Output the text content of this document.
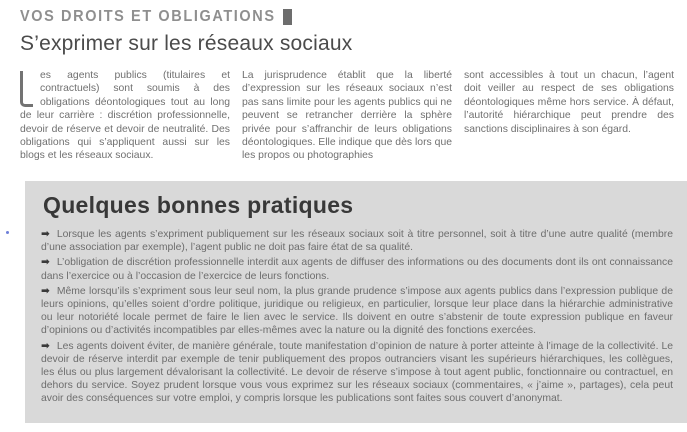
VOS DROITS ET OBLIGATIONS
S’exprimer sur les réseaux sociaux
es agents publics (titulaires et contractuels) sont soumis à des obligations déontologiques tout au long de leur carrière : discrétion professionnelle, devoir de réserve et devoir de neutralité. Des obligations qui s’appliquent aussi sur les blogs et les réseaux sociaux.
La jurisprudence établit que la liberté d’expression sur les réseaux sociaux n’est pas sans limite pour les agents publics qui ne peuvent se retrancher derrière la sphère privée pour s’affranchir de leurs obligations déontologiques. Elle indique que dès lors que les propos ou photographies
sont accessibles à tout un chacun, l’agent doit veiller au respect de ses obligations déontologiques même hors service. À défaut, l’autorité hiérarchique peut prendre des sanctions disciplinaires à son égard.
Quelques bonnes pratiques

➡ Lorsque les agents s’expriment publiquement sur les réseaux sociaux soit à titre personnel, soit à titre d’une autre qualité (membre d’une association par exemple), l’agent public ne doit pas faire état de sa qualité.

➡ L’obligation de discrétion professionnelle interdit aux agents de diffuser des informations ou des documents dont ils ont connaissance dans l’exercice ou à l’occasion de l’exercice de leurs fonctions.

➡ Même lorsqu’ils s’expriment sous leur seul nom, la plus grande prudence s’impose aux agents publics dans l’expression publique de leurs opinions, qu’elles soient d’ordre politique, juridique ou religieux, en particulier, lorsque leur place dans la hiérarchie administrative ou leur notoriété locale permet de faire le lien avec le service. Ils doivent en outre s’abstenir de toute expression publique en faveur d’opinions ou d’activités incompatibles par elles-mêmes avec la nature ou la dignité des fonctions exercées.

➡ Les agents doivent éviter, de manière générale, toute manifestation d’opinion de nature à porter atteinte à l’image de la collectivité. Le devoir de réserve interdit par exemple de tenir publiquement des propos outranciers visant les supérieurs hiérarchiques, les collègues, les élus ou plus largement dévalorisant la collectivité. Le devoir de réserve s’impose à tout agent public, fonctionnaire ou contractuel, en dehors du service. Soyez prudent lorsque vous vous exprimez sur les réseaux sociaux (commentaires, « j’aime », partages), cela peut avoir des conséquences sur votre emploi, y compris lorsque les publications sont faites sous couvert d’anonymat.
